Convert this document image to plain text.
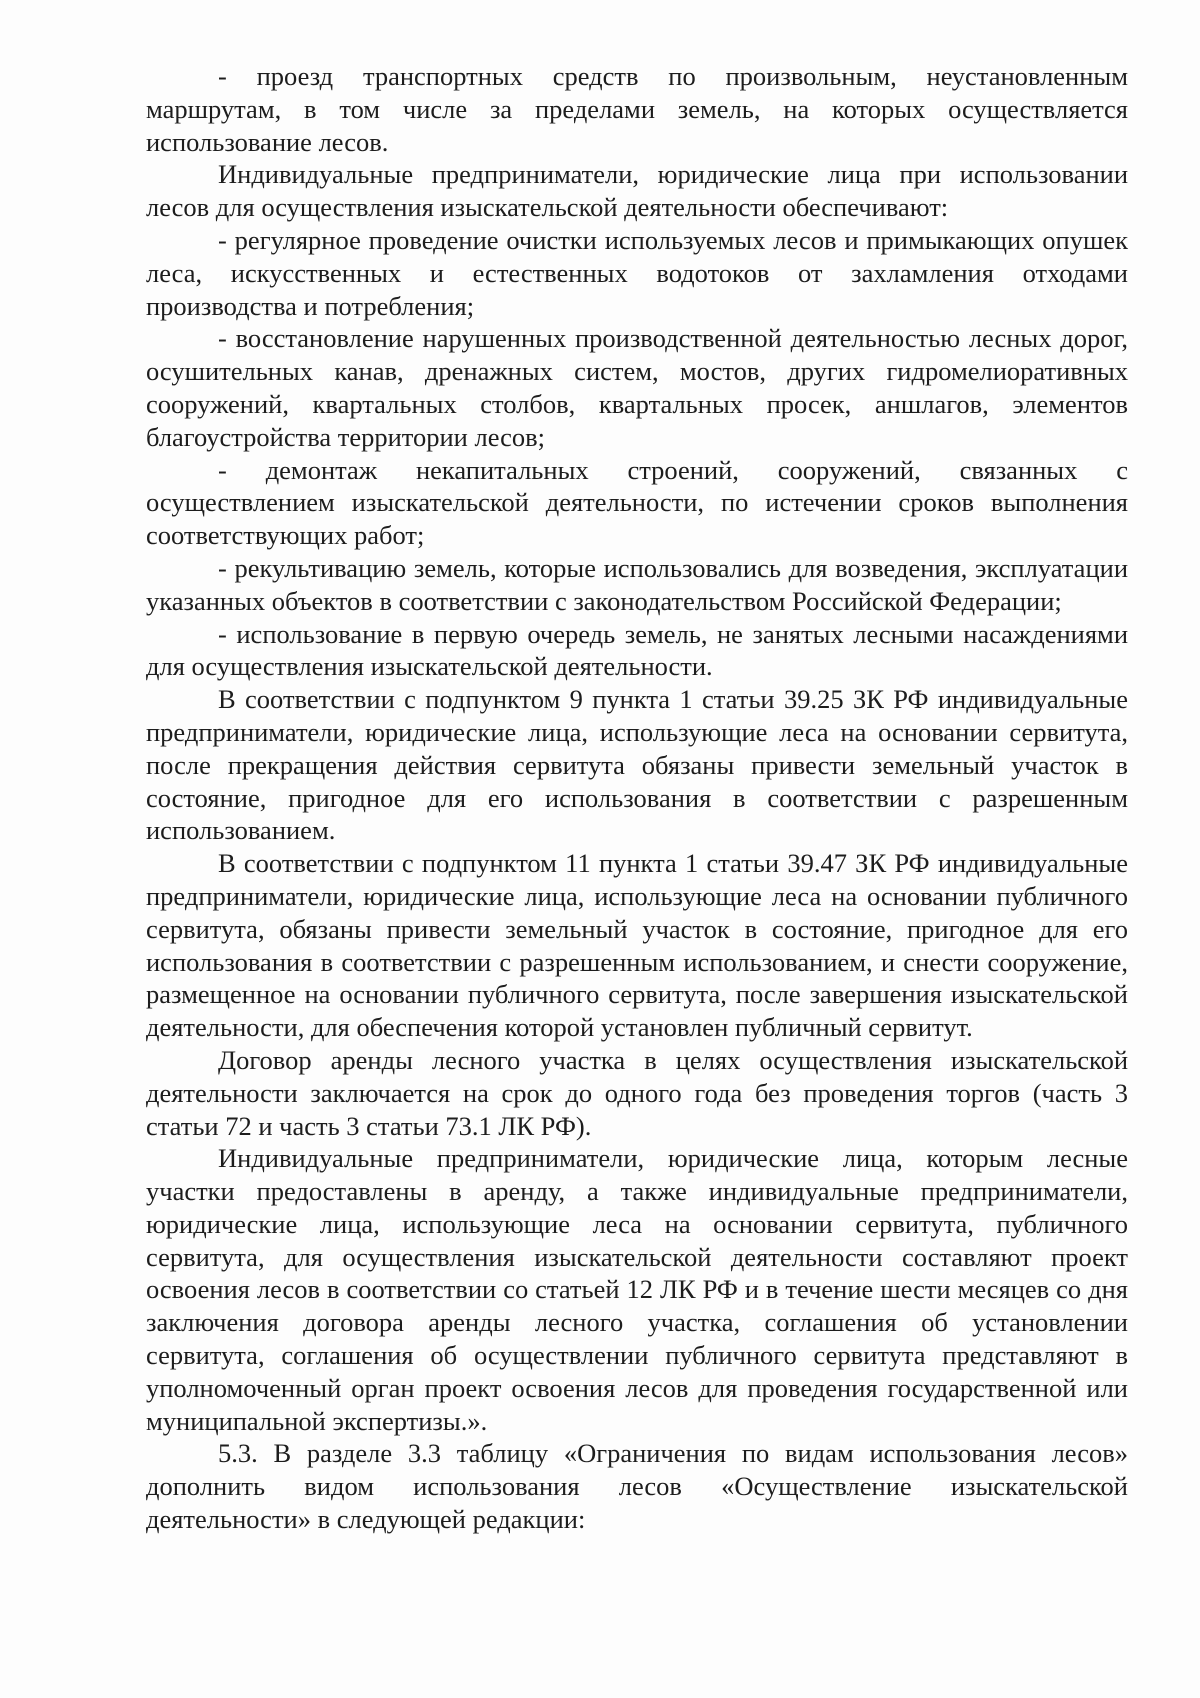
- проезд транспортных средств по произвольным, неустановленным маршрутам, в том числе за пределами земель, на которых осуществляется использование лесов.

Индивидуальные предприниматели, юридические лица при использовании лесов для осуществления изыскательской деятельности обеспечивают:

- регулярное проведение очистки используемых лесов и примыкающих опушек леса, искусственных и естественных водотоков от захламления отходами производства и потребления;

- восстановление нарушенных производственной деятельностью лесных дорог, осушительных канав, дренажных систем, мостов, других гидромелиоративных сооружений, квартальных столбов, квартальных просек, аншлагов, элементов благоустройства территории лесов;

- демонтаж некапитальных строений, сооружений, связанных с осуществлением изыскательской деятельности, по истечении сроков выполнения соответствующих работ;

- рекультивацию земель, которые использовались для возведения, эксплуатации указанных объектов в соответствии с законодательством Российской Федерации;

- использование в первую очередь земель, не занятых лесными насаждениями для осуществления изыскательской деятельности.

В соответствии с подпунктом 9 пункта 1 статьи 39.25 ЗК РФ индивидуальные предприниматели, юридические лица, использующие леса на основании сервитута, после прекращения действия сервитута обязаны привести земельный участок в состояние, пригодное для его использования в соответствии с разрешенным использованием.

В соответствии с подпунктом 11 пункта 1 статьи 39.47 ЗК РФ индивидуальные предприниматели, юридические лица, использующие леса на основании публичного сервитута, обязаны привести земельный участок в состояние, пригодное для его использования в соответствии с разрешенным использованием, и снести сооружение, размещенное на основании публичного сервитута, после завершения изыскательской деятельности, для обеспечения которой установлен публичный сервитут.

Договор аренды лесного участка в целях осуществления изыскательской деятельности заключается на срок до одного года без проведения торгов (часть 3 статьи 72 и часть 3 статьи 73.1 ЛК РФ).

Индивидуальные предприниматели, юридические лица, которым лесные участки предоставлены в аренду, а также индивидуальные предприниматели, юридические лица, использующие леса на основании сервитута, публичного сервитута, для осуществления изыскательской деятельности составляют проект освоения лесов в соответствии со статьей 12 ЛК РФ и в течение шести месяцев со дня заключения договора аренды лесного участка, соглашения об установлении сервитута, соглашения об осуществлении публичного сервитута представляют в уполномоченный орган проект освоения лесов для проведения государственной или муниципальной экспертизы.».

5.3. В разделе 3.3 таблицу «Ограничения по видам использования лесов» дополнить видом использования лесов «Осуществление изыскательской деятельности» в следующей редакции:
